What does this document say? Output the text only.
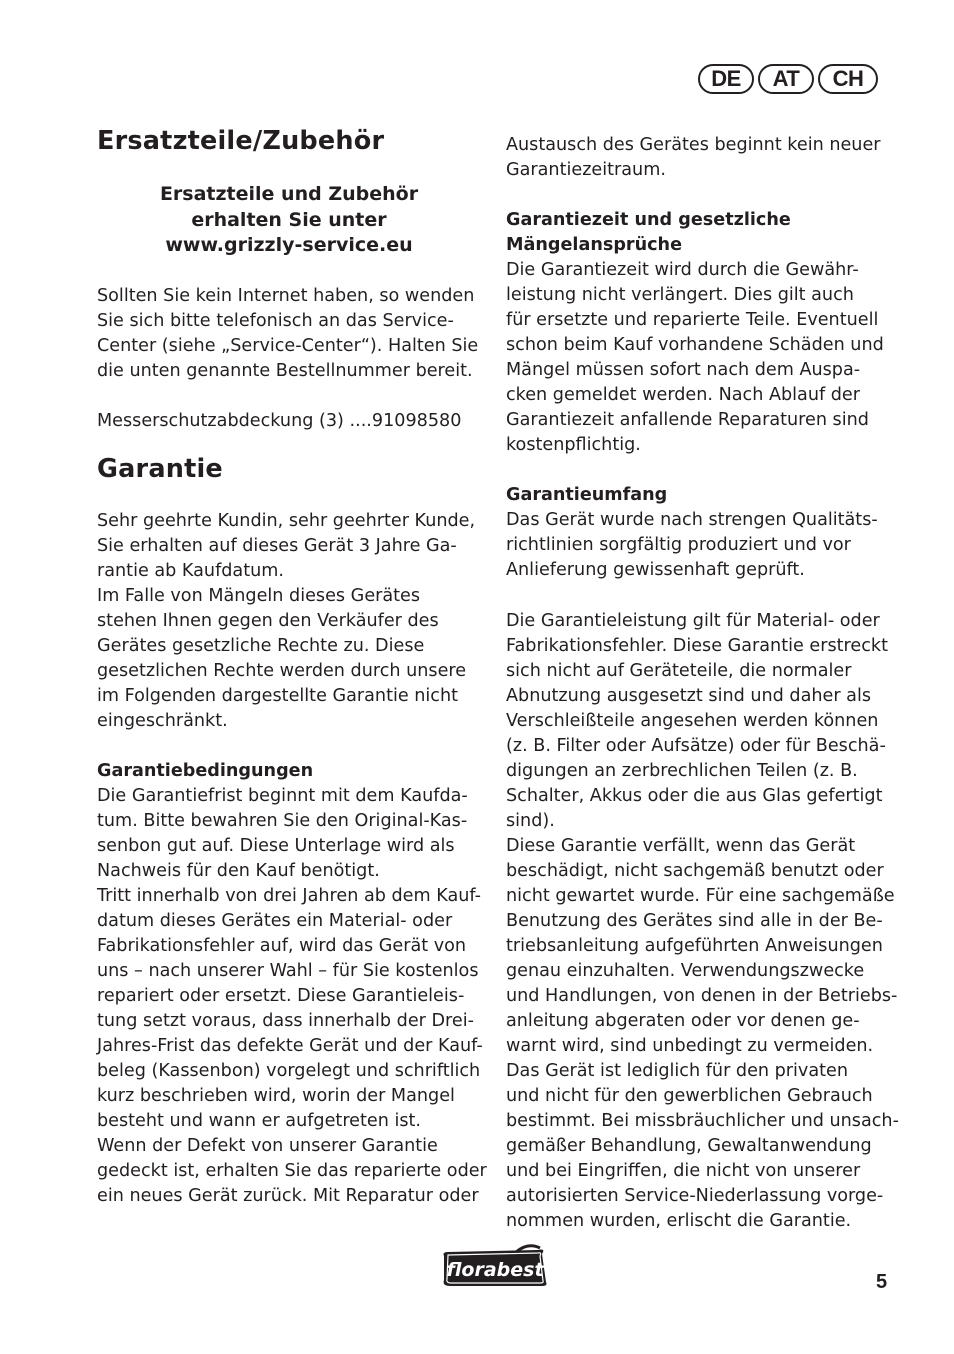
DE	AT	CH
Ersatzteile/Zubehör
Ersatzteile und Zubehör
erhalten Sie unter
www.grizzly-service.eu

Sollten Sie kein Internet haben, so wenden

Sie sich bitte telefonisch an das Service-

Center (siehe „Service-Center“). Halten Sie

die unten genannte Bestellnummer bereit.

Messerschutzabdeckung (3) ....91098580

Garantie

Sehr geehrte Kundin, sehr geehrter Kunde,

Sie erhalten auf dieses Gerät 3 Jahre Ga-

rantie ab Kaufdatum.

Im Falle von Mängeln dieses Gerätes

stehen Ihnen gegen den Verkäufer des

Gerätes gesetzliche Rechte zu. Diese

gesetzlichen Rechte werden durch unsere

im Folgenden dargestellte Garantie nicht

eingeschränkt.

Garantiebedingungen

Die Garantiefrist beginnt mit dem Kaufda-

tum. Bitte bewahren Sie den Original-Kas-

senbon gut auf. Diese Unterlage wird als

Nachweis für den Kauf benötigt.

Tritt innerhalb von drei Jahren ab dem Kauf-

datum dieses Gerätes ein Material- oder

Fabrikationsfehler auf, wird das Gerät von

uns – nach unserer Wahl – für Sie kostenlos

repariert oder ersetzt. Diese Garantieleis-

tung setzt voraus, dass innerhalb der Drei-

Jahres-Frist das defekte Gerät und der Kauf-

beleg (Kassenbon) vorgelegt und schriftlich

kurz beschrieben wird, worin der Mangel

besteht und wann er aufgetreten ist.

Wenn der Defekt von unserer Garantie

gedeckt ist, erhalten Sie das reparierte oder

ein neues Gerät zurück. Mit Reparatur oder

Austausch des Gerätes beginnt kein neuer

Garantiezeitraum.

Garantiezeit und gesetzliche

Mängelansprüche

Die Garantiezeit wird durch die Gewähr-

leistung nicht verlängert. Dies gilt auch

für ersetzte und reparierte Teile. Eventuell

schon beim Kauf vorhandene Schäden und

Mängel müssen sofort nach dem Auspa-

cken gemeldet werden. Nach Ablauf der

Garantiezeit anfallende Reparaturen sind

kostenpflichtig.

Garantieumfang

Das Gerät wurde nach strengen Qualitäts-

richtlinien sorgfältig produziert und vor

Anlieferung gewissenhaft geprüft.

Die Garantieleistung gilt für Material- oder

Fabrikationsfehler. Diese Garantie erstreckt

sich nicht auf Geräteteile, die normaler

Abnutzung ausgesetzt sind und daher als

Verschleißteile angesehen werden können

(z. B. Filter oder Aufsätze) oder für Beschä-

digungen an zerbrechlichen Teilen (z. B.

Schalter, Akkus oder die aus Glas gefertigt

sind).

Diese Garantie verfällt, wenn das Gerät

beschädigt, nicht sachgemäß benutzt oder

nicht gewartet wurde. Für eine sachgemäße

Benutzung des Gerätes sind alle in der Be-

triebsanleitung aufgeführten Anweisungen

genau einzuhalten. Verwendungszwecke

und Handlungen, von denen in der Betriebs-

anleitung abgeraten oder vor denen ge-

warnt wird, sind unbedingt zu vermeiden.

Das Gerät ist lediglich für den privaten

und nicht für den gewerblichen Gebrauch

bestimmt. Bei missbräuchlicher und unsach-

gemäßer Behandlung, Gewaltanwendung

und bei Eingriffen, die nicht von unserer

autorisierten Service-Niederlassung vorge-

nommen wurden, erlischt die Garantie.

florabest
5
